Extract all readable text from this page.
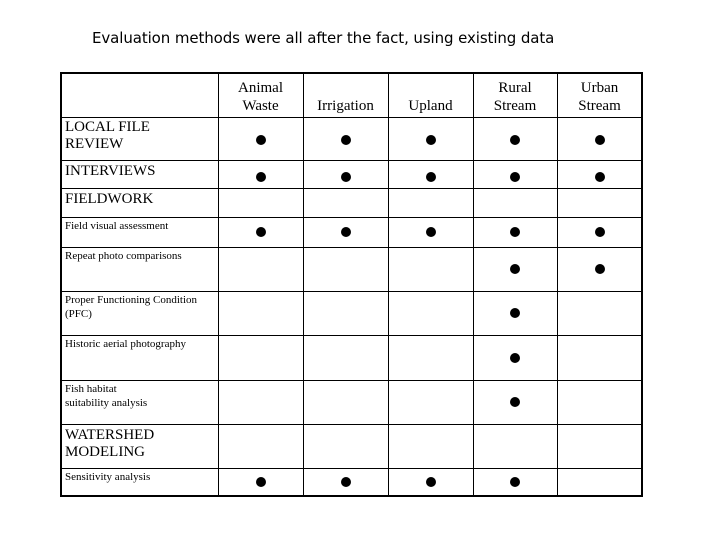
Evaluation methods were all after the fact, using existing data
Animal
Waste	Irrigation	Upland
Rural
Stream
Urban
Stream
LOCAL FILE
REVIEW
INTERVIEWS
FIELDWORK
Field visual assessment
Repeat photo comparisons
Proper Functioning Condition
(PFC)
Historic aerial photography
Fish habitat
suitability analysis
WATERSHED
MODELING
Sensitivity analysis
